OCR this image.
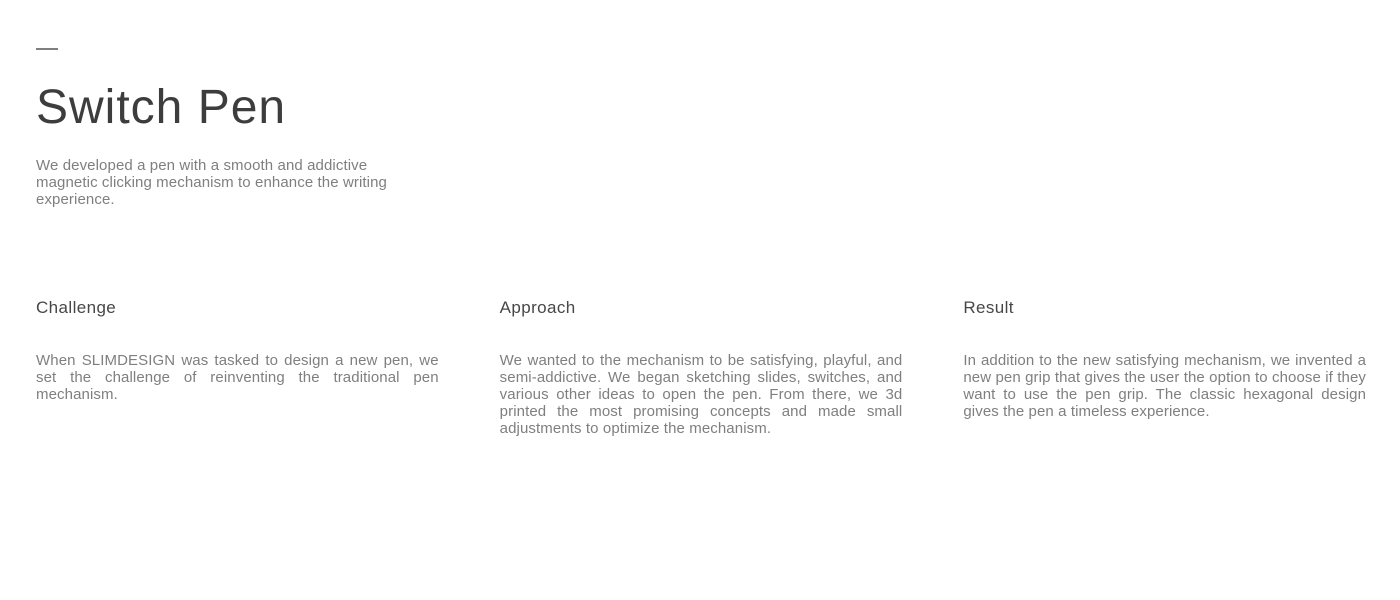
Switch Pen

We developed a pen with a smooth and addictive magnetic clicking mechanism to enhance the writing experience.

Challenge

When SLIMDESIGN was tasked to design a new pen, we set the challenge of reinventing the traditional pen mechanism.

Approach

We wanted to the mechanism to be satisfying, playful, and semi-addictive. We began sketching slides, switches, and various other ideas to open the pen. From there, we 3d printed the most promising concepts and made small adjustments to optimize the mechanism.

Result

In addition to the new satisfying mechanism, we invented a new pen grip that gives the user the option to choose if they want to use the pen grip. The classic hexagonal design gives the pen a timeless experience.
